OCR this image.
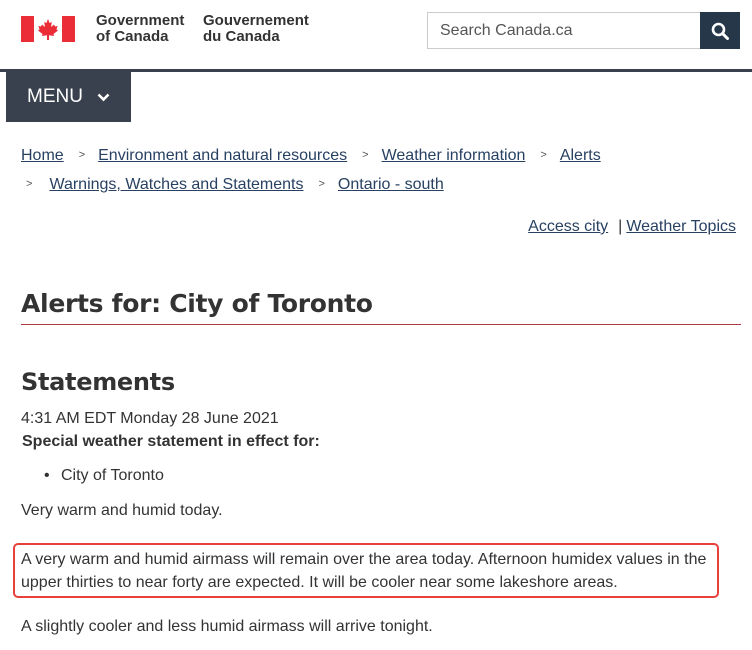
Government
of Canada
Gouvernement
du Canada
Search Canada.ca
MENU
Home > Environment and natural resources > Weather information > Alerts
> Warnings, Watches and Statements > Ontario - south
Access city | Weather Topics
Alerts for: City of Toronto
Statements
4:31 AM EDT Monday 28 June 2021
Special weather statement in effect for:
• City of Toronto

Very warm and humid today.

A very warm and humid airmass will remain over the area today. Afternoon humidex values in the upper thirties to near forty are expected. It will be cooler near some lakeshore areas.

A slightly cooler and less humid airmass will arrive tonight.
